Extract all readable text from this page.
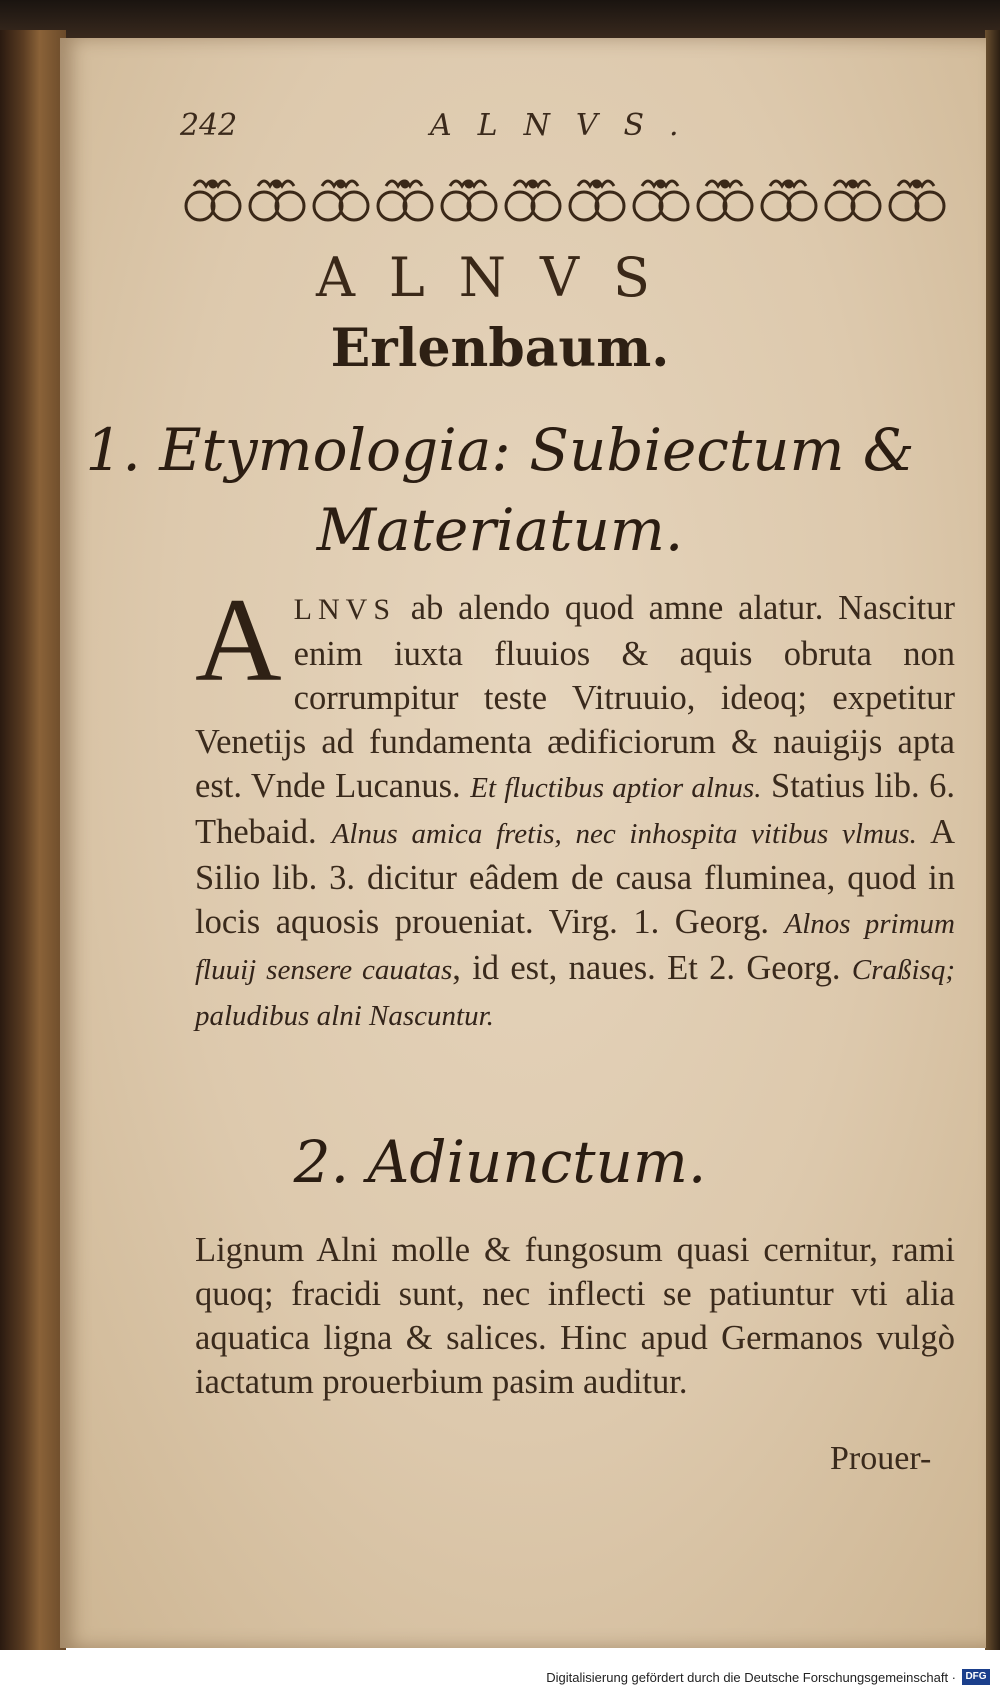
242	ALNVS.
ALNVS
Erlenbaum.
1. Etymologia: Subiectum &
Materiatum.
A LNVS ab alendo quod amne alatur. Nascitur enim iuxta fluuios & aquis obruta non corrumpitur teste Vitruuio, ideoq; expetitur Venetijs ad fundamenta ædificiorum & nauigijs apta est. Vnde Lucanus. Et fluctibus aptior alnus. Statius lib. 6. Thebaid. Alnus amica fretis, nec inhospita vitibus vlmus. A Silio lib. 3. dicitur eâdem de causa fluminea, quod in locis aquosis proueniat. Virg. 1. Georg. Alnos primum fluuij sensere cauatas, id est, naues. Et 2. Georg. Craßisq; paludibus alni Nascuntur.
2. Adiunctum.
Lignum Alni molle & fungosum quasi cernitur, rami quoq; fracidi sunt, nec inflecti se patiuntur vti alia aquatica ligna & salices. Hinc apud Germanos vulgò iactatum prouerbium pasim auditur.
Prouer-
Digitalisierung gefördert durch die Deutsche Forschungsgemeinschaft · DFG
